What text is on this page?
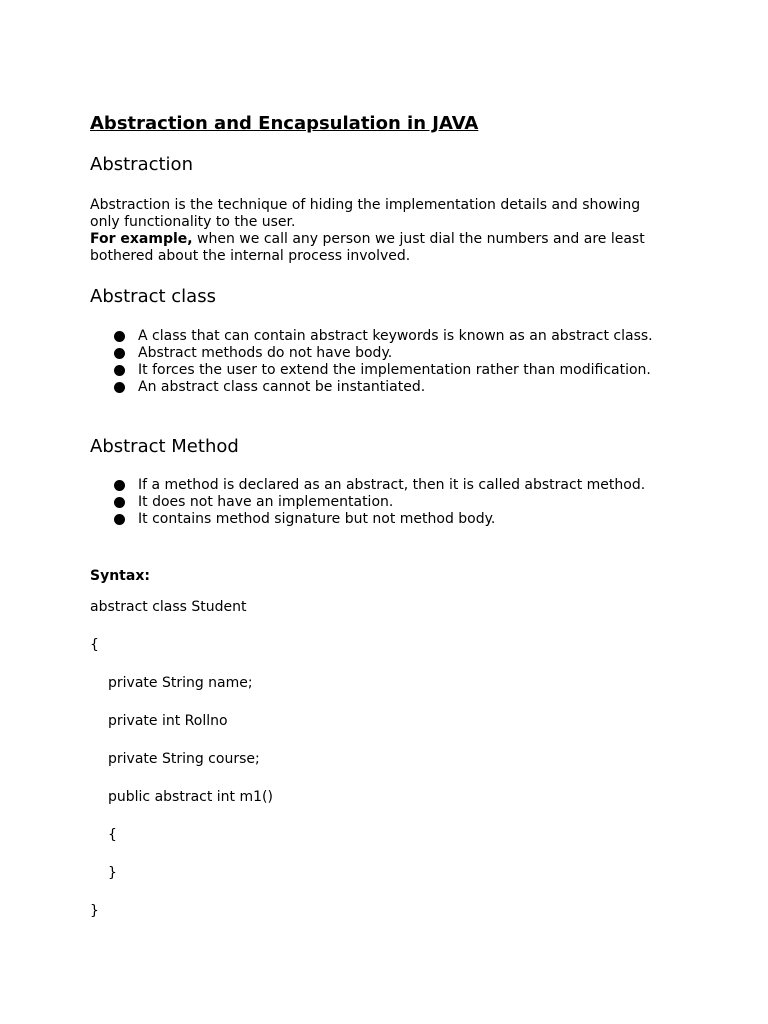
Abstraction and Encapsulation in JAVA
Abstraction
Abstraction is the technique of hiding the implementation details and showing
only functionality to the user.
For example, when we call any person we just dial the numbers and are least
bothered about the internal process involved.
Abstract class
A class that can contain abstract keywords is known as an abstract class.
Abstract methods do not have body.
It forces the user to extend the implementation rather than modification.
An abstract class cannot be instantiated.
Abstract Method
If a method is declared as an abstract, then it is called abstract method.
It does not have an implementation.
It contains method signature but not method body.
Syntax:
abstract class Student
{
private String name;
private int Rollno
private String course;
public abstract int m1()
{
}
}
